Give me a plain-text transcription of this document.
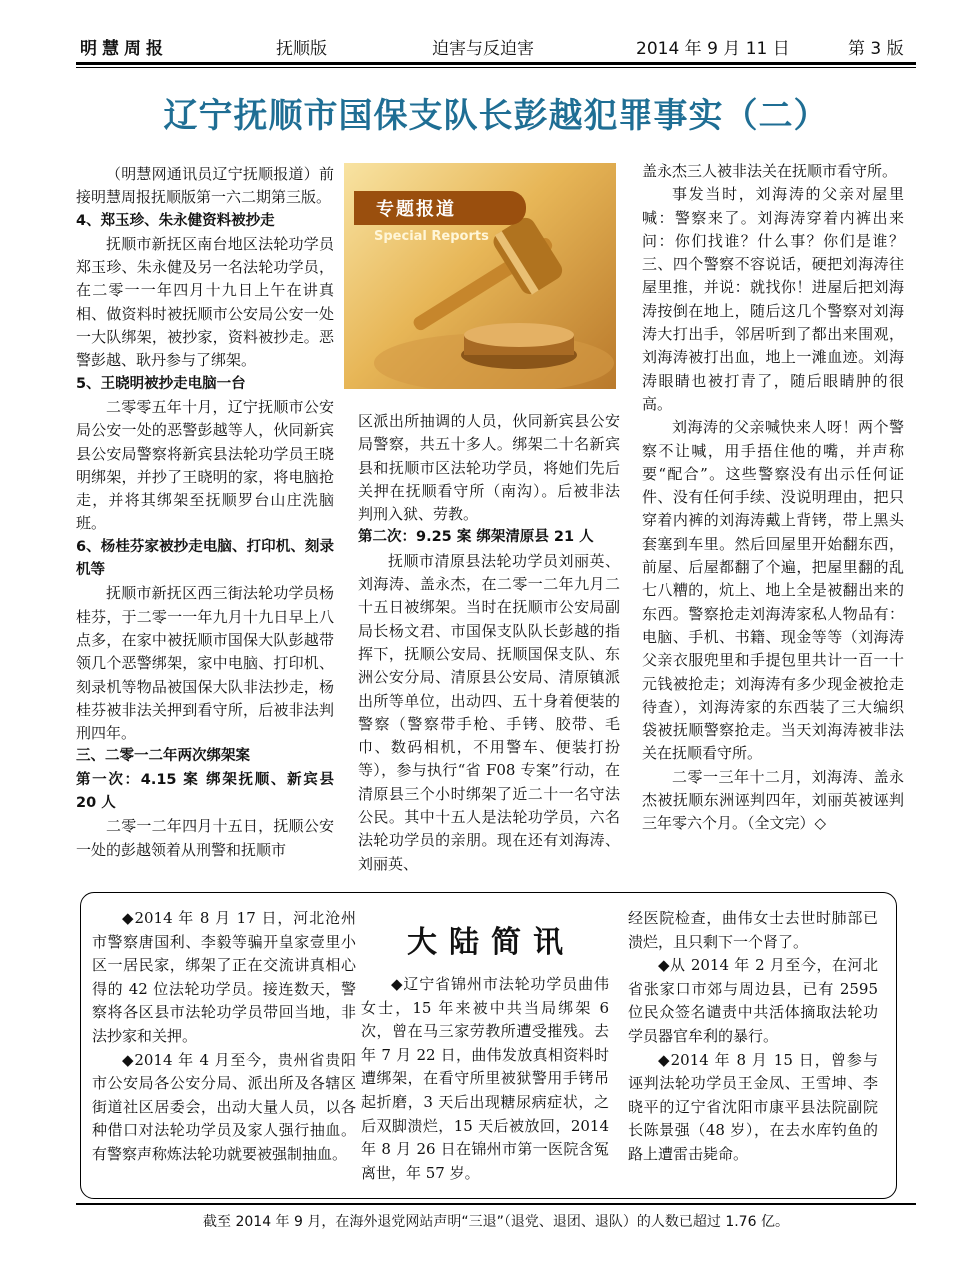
明慧周报	抚顺版	迫害与反迫害	2014 年 9 月 11 日	第 3 版
辽宁抚顺市国保支队长彭越犯罪事实（二）

（明慧网通讯员辽宁抚顺报道）前接明慧周报抚顺版第一六二期第三版。

4、郑玉珍、朱永健资料被抄走

抚顺市新抚区南台地区法轮功学员郑玉珍、朱永健及另一名法轮功学员，在二零一一年四月十九日上午在讲真相、做资料时被抚顺市公安局公安一处一大队绑架，被抄家，资料被抄走。恶警彭越、耿丹参与了绑架。

5、王晓明被抄走电脑一台

二零零五年十月，辽宁抚顺市公安局公安一处的恶警彭越等人，伙同新宾县公安局警察将新宾县法轮功学员王晓明绑架，并抄了王晓明的家，将电脑抢走，并将其绑架至抚顺罗台山庄洗脑班。

6、杨桂芬家被抄走电脑、打印机、刻录机等

抚顺市新抚区西三街法轮功学员杨桂芬，于二零一一年九月十九日早上八点多，在家中被抚顺市国保大队彭越带领几个恶警绑架，家中电脑、打印机、刻录机等物品被国保大队非法抄走，杨桂芬被非法关押到看守所，后被非法判刑四年。

三、二零一二年两次绑架案

第一次：4.15 案 绑架抚顺、新宾县 20 人

二零一二年四月十五日，抚顺公安一处的彭越领着从刑警和抚顺市

专题报道
Special Reports

区派出所抽调的人员，伙同新宾县公安局警察，共五十多人。绑架二十名新宾县和抚顺市区法轮功学员，将她们先后关押在抚顺看守所（南沟）。后被非法判刑入狱、劳教。

第二次：9.25 案 绑架清原县 21 人

抚顺市清原县法轮功学员刘丽英、刘海涛、盖永杰，在二零一二年九月二十五日被绑架。当时在抚顺市公安局副局长杨文君、市国保支队队长彭越的指挥下，抚顺公安局、抚顺国保支队、东洲公安分局、清原县公安局、清原镇派出所等单位，出动四、五十身着便装的警察（警察带手枪、手铐、胶带、毛巾、数码相机，不用警车、便装打扮等），参与执行“省 F08 专案”行动，在清原县三个小时绑架了近二十一名守法公民。其中十五人是法轮功学员，六名法轮功学员的亲朋。现在还有刘海涛、刘丽英、

盖永杰三人被非法关在抚顺市看守所。

事发当时，刘海涛的父亲对屋里喊：警察来了。刘海涛穿着内裤出来问：你们找谁？什么事？你们是谁？三、四个警察不容说话，硬把刘海涛往屋里推，并说：就找你！进屋后把刘海涛按倒在地上，随后这几个警察对刘海涛大打出手，邻居听到了都出来围观，刘海涛被打出血，地上一滩血迹。刘海涛眼睛也被打青了，随后眼睛肿的很高。

刘海涛的父亲喊快来人呀！两个警察不让喊，用手捂住他的嘴，并声称要“配合”。这些警察没有出示任何证件、没有任何手续、没说明理由，把只穿着内裤的刘海涛戴上背铐，带上黑头套塞到车里。然后回屋里开始翻东西，前屋、后屋都翻了个遍，把屋里翻的乱七八糟的，炕上、地上全是被翻出来的东西。警察抢走刘海涛家私人物品有：电脑、手机、书籍、现金等等（刘海涛父亲衣服兜里和手提包里共计一百一十元钱被抢走；刘海涛有多少现金被抢走待查），刘海涛家的东西装了三大编织袋被抚顺警察抢走。当天刘海涛被非法关在抚顺看守所。

二零一三年十二月，刘海涛、盖永杰被抚顺东洲诬判四年，刘丽英被诬判三年零六个月。（全文完）◇

◆2014 年 8 月 17 日，河北沧州市警察唐国利、李毅等骗开皇家壹里小区一居民家，绑架了正在交流讲真相心得的 42 位法轮功学员。接连数天，警察将各区县市法轮功学员带回当地，非法抄家和关押。

◆2014 年 4 月至今，贵州省贵阳市公安局各公安分局、派出所及各辖区街道社区居委会，出动大量人员，以各种借口对法轮功学员及家人强行抽血。有警察声称炼法轮功就要被强制抽血。

大陆简讯

◆辽宁省锦州市法轮功学员曲伟女士，15 年来被中共当局绑架 6 次，曾在马三家劳教所遭受摧残。去年 7 月 22 日，曲伟发放真相资料时遭绑架，在看守所里被狱警用手铐吊起折磨，3 天后出现糖尿病症状，之后双脚溃烂，15 天后被放回，2014 年 8 月 26 日在锦州市第一医院含冤离世，年 57 岁。

经医院检查，曲伟女士去世时肺部已溃烂，且只剩下一个肾了。

◆从 2014 年 2 月至今，在河北省张家口市郊与周边县，已有 2595 位民众签名谴责中共活体摘取法轮功学员器官牟利的暴行。

◆2014 年 8 月 15 日，曾参与诬判法轮功学员王金凤、王雪坤、李晓平的辽宁省沈阳市康平县法院副院长陈景强（48 岁），在去水库钓鱼的路上遭雷击毙命。

截至 2014 年 9 月，在海外退党网站声明“三退”（退党、退团、退队）的人数已超过 1.76 亿。
